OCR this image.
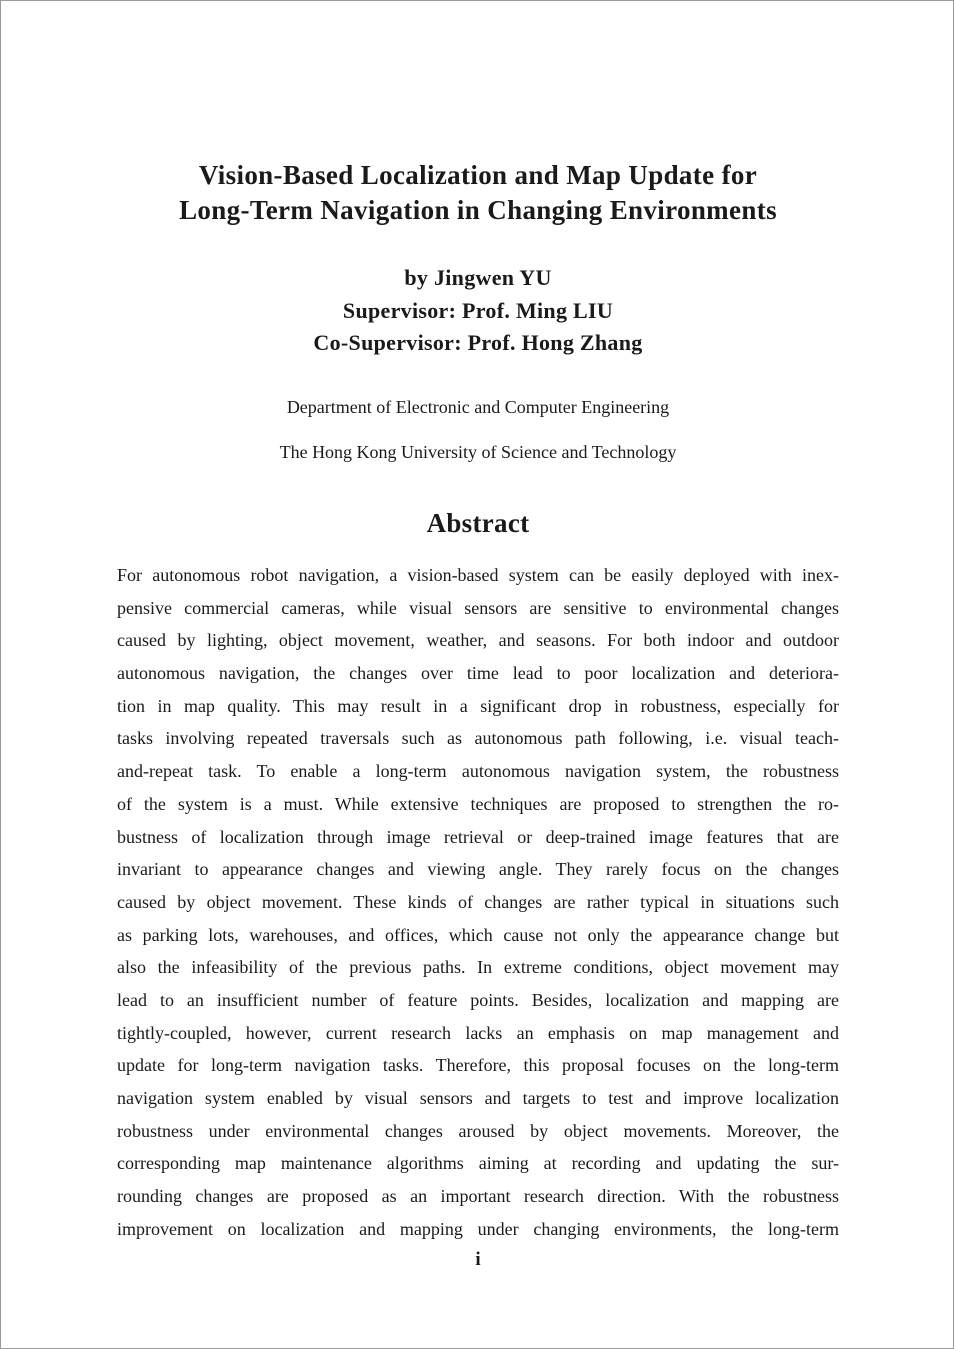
Vision-Based Localization and Map Update for
Long-Term Navigation in Changing Environments
by Jingwen YU
Supervisor: Prof. Ming LIU
Co-Supervisor: Prof. Hong Zhang
Department of Electronic and Computer Engineering
The Hong Kong University of Science and Technology
Abstract
For autonomous robot navigation, a vision-based system can be easily deployed with inex-
pensive commercial cameras, while visual sensors are sensitive to environmental changes
caused by lighting, object movement, weather, and seasons. For both indoor and outdoor
autonomous navigation, the changes over time lead to poor localization and deteriora-
tion in map quality. This may result in a significant drop in robustness, especially for
tasks involving repeated traversals such as autonomous path following, i.e. visual teach-
and-repeat task. To enable a long-term autonomous navigation system, the robustness
of the system is a must. While extensive techniques are proposed to strengthen the ro-
bustness of localization through image retrieval or deep-trained image features that are
invariant to appearance changes and viewing angle. They rarely focus on the changes
caused by object movement. These kinds of changes are rather typical in situations such
as parking lots, warehouses, and offices, which cause not only the appearance change but
also the infeasibility of the previous paths. In extreme conditions, object movement may
lead to an insufficient number of feature points. Besides, localization and mapping are
tightly-coupled, however, current research lacks an emphasis on map management and
update for long-term navigation tasks. Therefore, this proposal focuses on the long-term
navigation system enabled by visual sensors and targets to test and improve localization
robustness under environmental changes aroused by object movements. Moreover, the
corresponding map maintenance algorithms aiming at recording and updating the sur-
rounding changes are proposed as an important research direction. With the robustness
improvement on localization and mapping under changing environments, the long-term
i
